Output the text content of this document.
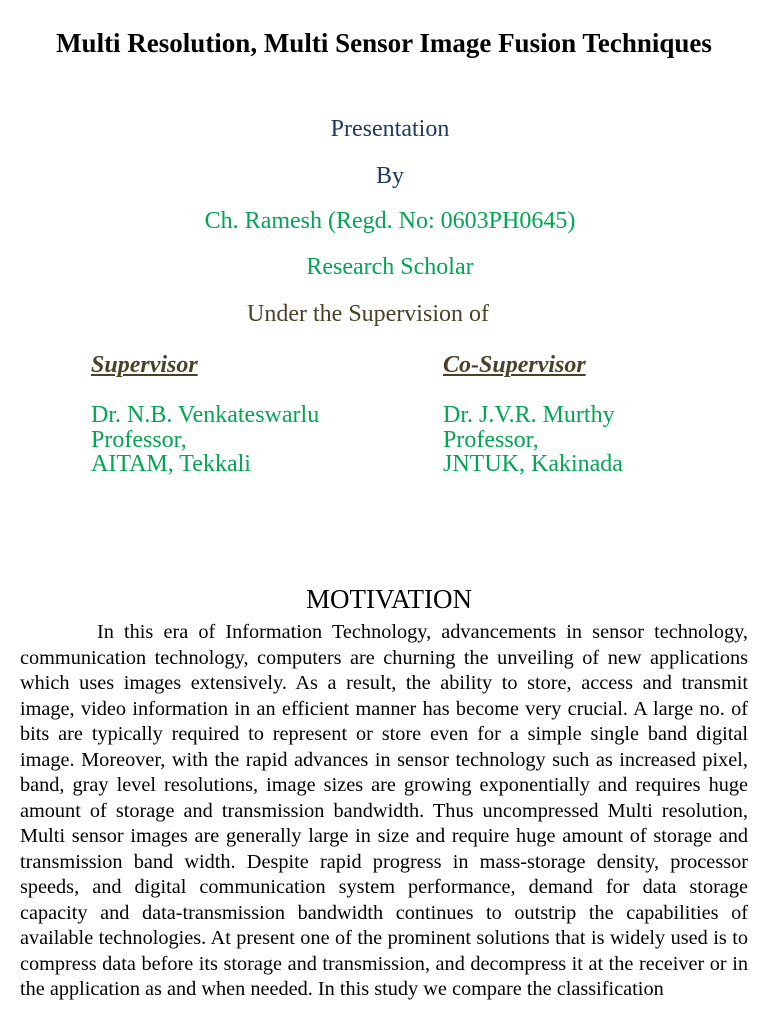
Multi Resolution, Multi Sensor Image Fusion Techniques
Presentation
By
Ch. Ramesh (Regd. No: 0603PH0645)
Research Scholar
Under the Supervision of
Supervisor
Dr. N.B. Venkateswarlu
Professor,
AITAM, Tekkali
Co-Supervisor
Dr. J.V.R. Murthy
Professor,
JNTUK, Kakinada
MOTIVATION
In this era of Information Technology, advancements in sensor technology, communication technology, computers are churning the unveiling of new applications which uses images extensively. As a result, the ability to store, access and transmit image, video information in an efficient manner has become very crucial. A large no. of bits are typically required to represent or store even for a simple single band digital image. Moreover, with the rapid advances in sensor technology such as increased pixel, band, gray level resolutions, image sizes are growing exponentially and requires huge amount of storage and transmission bandwidth. Thus uncompressed Multi resolution, Multi sensor images are generally large in size and require huge amount of storage and transmission band width. Despite rapid progress in mass-storage density, processor speeds, and digital communication system performance, demand for data storage capacity and data-transmission bandwidth continues to outstrip the capabilities of available technologies. At present one of the prominent solutions that is widely used is to compress data before its storage and transmission, and decompress it at the receiver or in the application as and when needed. In this study we compare the classification
